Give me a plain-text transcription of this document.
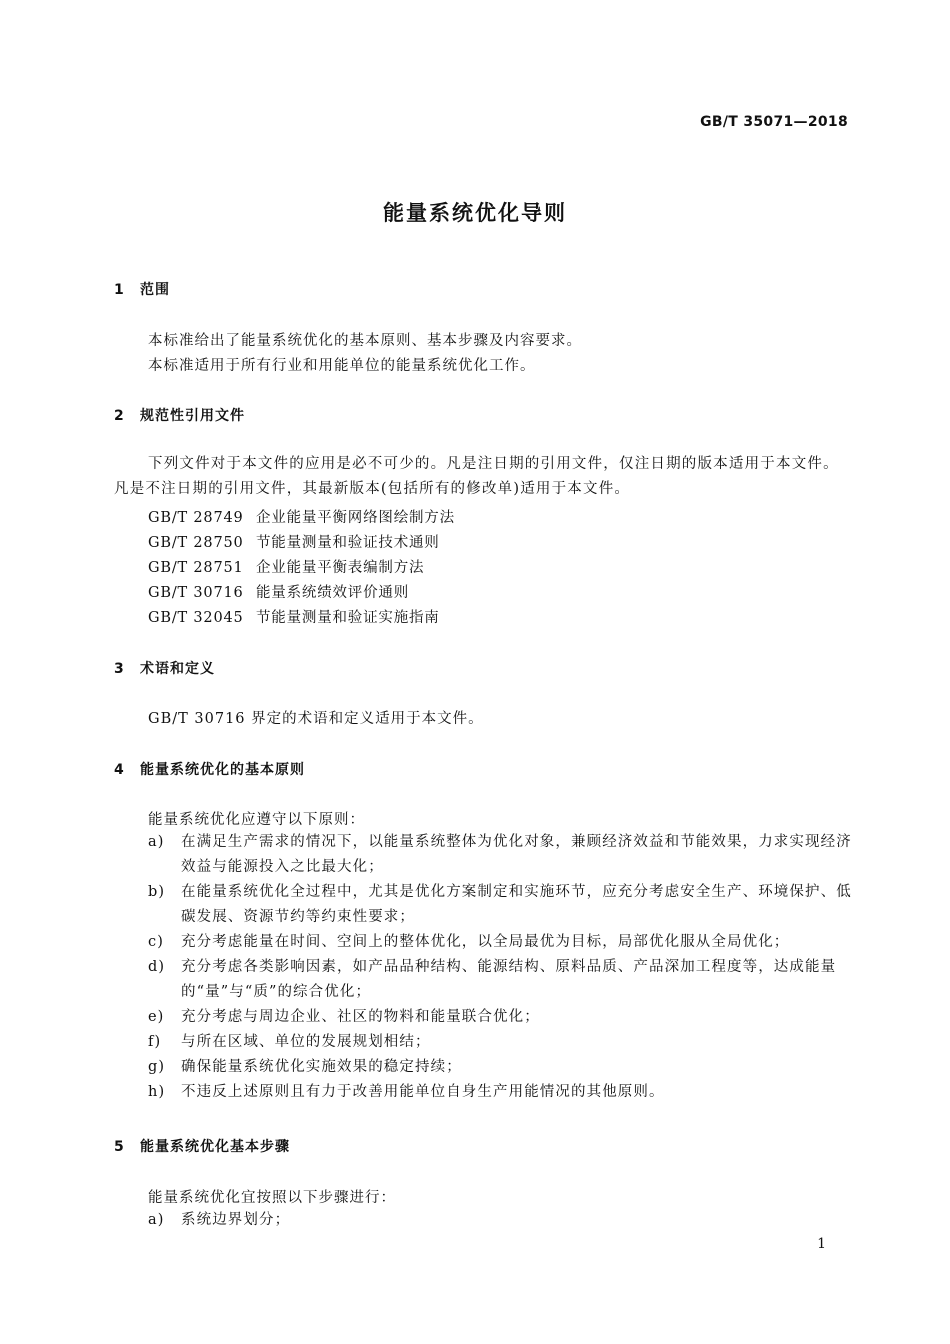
GB/T 35071—2018
能量系统优化导则
1 范围
本标准给出了能量系统优化的基本原则、基本步骤及内容要求。
本标准适用于所有行业和用能单位的能量系统优化工作。
2 规范性引用文件
下列文件对于本文件的应用是必不可少的。凡是注日期的引用文件，仅注日期的版本适用于本文件。凡是不注日期的引用文件，其最新版本(包括所有的修改单)适用于本文件。
GB/T 28749 企业能量平衡网络图绘制方法
GB/T 28750 节能量测量和验证技术通则
GB/T 28751 企业能量平衡表编制方法
GB/T 30716 能量系统绩效评价通则
GB/T 32045 节能量测量和验证实施指南
3 术语和定义
GB/T 30716 界定的术语和定义适用于本文件。
4 能量系统优化的基本原则
能量系统优化应遵守以下原则：
a)	在满足生产需求的情况下，以能量系统整体为优化对象，兼顾经济效益和节能效果，力求实现经济效益与能源投入之比最大化；
b)	在能量系统优化全过程中，尤其是优化方案制定和实施环节，应充分考虑安全生产、环境保护、低碳发展、资源节约等约束性要求；
c)	充分考虑能量在时间、空间上的整体优化，以全局最优为目标，局部优化服从全局优化；
d)	充分考虑各类影响因素，如产品品种结构、能源结构、原料品质、产品深加工程度等，达成能量的“量”与“质”的综合优化；
e)	充分考虑与周边企业、社区的物料和能量联合优化；
f)	与所在区域、单位的发展规划相结；
g)	确保能量系统优化实施效果的稳定持续；
h)	不违反上述原则且有力于改善用能单位自身生产用能情况的其他原则。
5 能量系统优化基本步骤
能量系统优化宜按照以下步骤进行：
a)	系统边界划分；
1
